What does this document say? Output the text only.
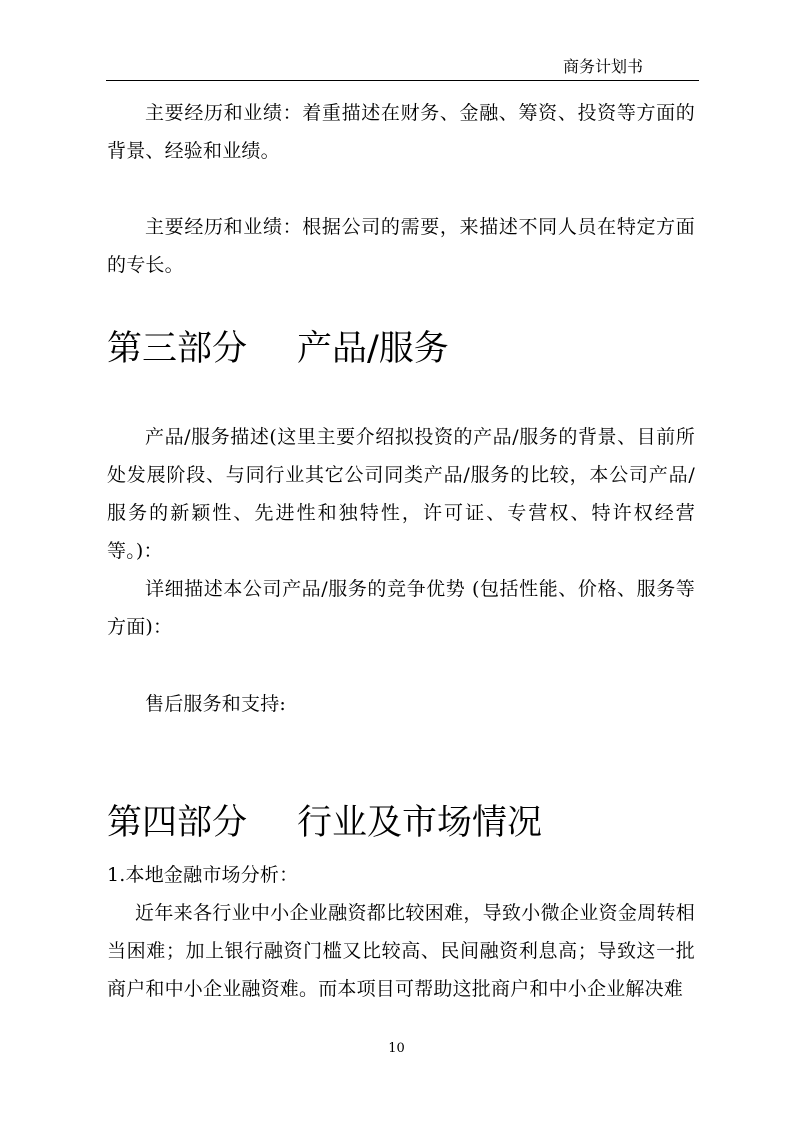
商务计划书

主要经历和业绩：着重描述在财务、金融、筹资、投资等方面的背景、经验和业绩。

主要经历和业绩：根据公司的需要，来描述不同人员在特定方面的专长。

第三部分 产品/服务

产品/服务描述(这里主要介绍拟投资的产品/服务的背景、目前所处发展阶段、与同行业其它公司同类产品/服务的比较，本公司产品/服务的新颖性、先进性和独特性，许可证、专营权、特许权经营等。)：

详细描述本公司产品/服务的竞争优势 (包括性能、价格、服务等方面)：

售后服务和支持:

第四部分 行业及市场情况

1.本地金融市场分析：

近年来各行业中小企业融资都比较困难，导致小微企业资金周转相当困难；加上银行融资门槛又比较高、民间融资利息高；导致这一批商户和中小企业融资难。而本项目可帮助这批商户和中小企业解决难

10
